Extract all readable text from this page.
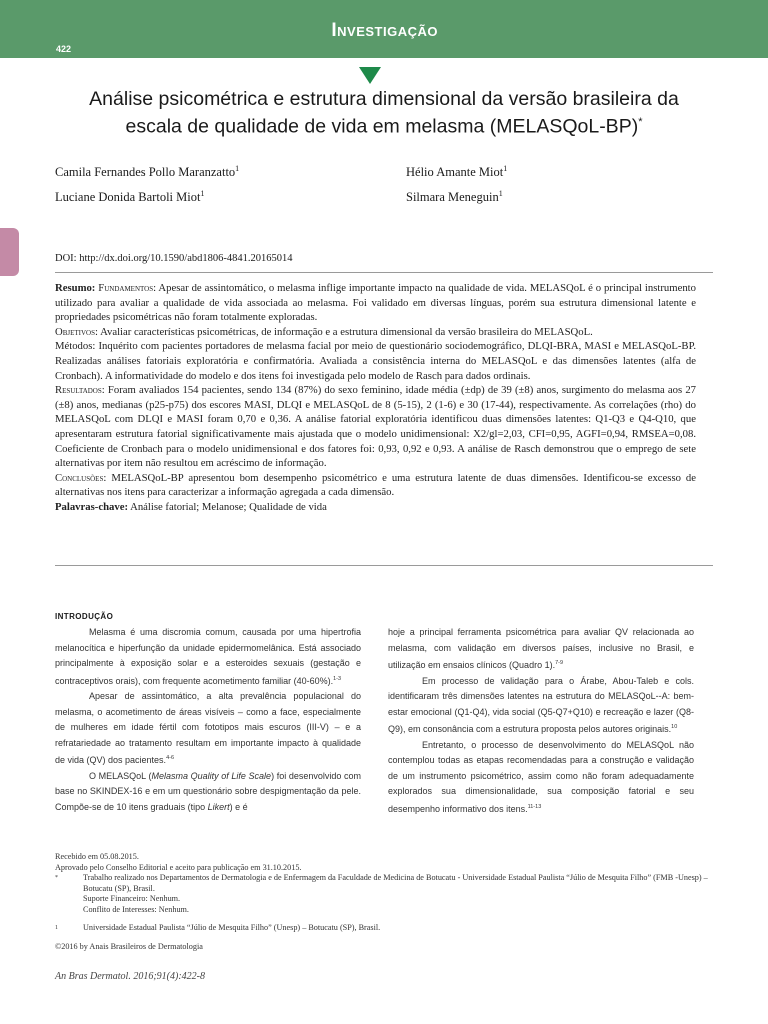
Investigação
422
Análise psicométrica e estrutura dimensional da versão brasileira da escala de qualidade de vida em melasma (MELASQoL-BP)*
Camila Fernandes Pollo Maranzatto$^1$
Luciane Donida Bartoli Miot$^1$
Hélio Amante Miot$^1$
Silmara Meneguin$^1$
DOI: http://dx.doi.org/10.1590/abd1806-4841.20165014

Resumo: Fundamentos: Apesar de assintomático, o melasma inflige importante impacto na qualidade de vida. MELASQoL é o principal instrumento utilizado para avaliar a qualidade de vida associada ao melasma. Foi validado em diversas línguas, porém sua estrutura dimensional latente e propriedades psicométricas não foram totalmente exploradas.

Objetivos: Avaliar características psicométricas, de informação e a estrutura dimensional da versão brasileira do MELASQoL.

Métodos: Inquérito com pacientes portadores de melasma facial por meio de questionário sociodemográfico, DLQI-BRA, MASI e MELASQoL-BP. Realizadas análises fatoriais exploratória e confirmatória. Avaliada a consistência interna do MELASQoL e das dimensões latentes (alfa de Cronbach). A informatividade do modelo e dos itens foi investigada pelo modelo de Rasch para dados ordinais.

Resultados: Foram avaliados 154 pacientes, sendo 134 (87%) do sexo feminino, idade média (±dp) de 39 (±8) anos, surgimento do melasma aos 27 (±8) anos, medianas (p25-p75) dos escores MASI, DLQI e MELASQoL de 8 (5-15), 2 (1-6) e 30 (17-44), respectivamente. As correlações (rho) do MELASQoL com DLQI e MASI foram 0,70 e 0,36. A análise fatorial exploratória identificou duas dimensões latentes: Q1-Q3 e Q4-Q10, que apresentaram estrutura fatorial significativamente mais ajustada que o modelo unidimensional: X2/gl=2,03, CFI=0,95, AGFI=0,94, RMSEA=0,08. Coeficiente de Cronbach para o modelo unidimensional e dos fatores foi: 0,93, 0,92 e 0,93. A análise de Rasch demonstrou que o emprego de sete alternativas por item não resultou em acréscimo de informação.

Conclusões: MELASQoL-BP apresentou bom desempenho psicométrico e uma estrutura latente de duas dimensões. Identificou-se excesso de alternativas nos itens para caracterizar a informação agregada a cada dimensão.

Palavras-chave: Análise fatorial; Melanose; Qualidade de vida

INTRODUÇÃO

Melasma é uma discromia comum, causada por uma hipertrofia melanocítica e hiperfunção da unidade epidermomelânica. Está associado principalmente à exposição solar e a esteroides sexuais (gestação e contraceptivos orais), com frequente acometimento familiar (40-60%).$^{1-3}$

Apesar de assintomático, a alta prevalência populacional do melasma, o acometimento de áreas visíveis – como a face, especialmente de mulheres em idade fértil com fototipos mais escuros (III-V) – e a refratariedade ao tratamento resultam em importante impacto à qualidade de vida (QV) dos pacientes.$^{4-6}$

O MELASQoL (Melasma Quality of Life Scale) foi desenvolvido com base no SKINDEX-16 e em um questionário sobre despigmentação da pele. Compõe-se de 10 itens graduais (tipo Likert) e é

hoje a principal ferramenta psicométrica para avaliar QV relacionada ao melasma, com validação em diversos países, inclusive no Brasil, e utilização em ensaios clínicos (Quadro 1).$^{7-9}$

Em processo de validação para o Árabe, Abou-Taleb e cols. identificaram três dimensões latentes na estrutura do MELASQoL--A: bem-estar emocional (Q1-Q4), vida social (Q5-Q7+Q10) e recreação e lazer (Q8-Q9), em consonância com a estrutura proposta pelos autores originais.$^{10}$

Entretanto, o processo de desenvolvimento do MELASQoL não contemplou todas as etapas recomendadas para a construção e validação de um instrumento psicométrico, assim como não foram adequadamente explorados sua dimensionalidade, sua composição fatorial e seu desempenho informativo dos itens.$^{11-13}$

Recebido em 05.08.2015.

Aprovado pelo Conselho Editorial e aceito para publicação em 31.10.2015.

*	Trabalho realizado nos Departamentos de Dermatologia e de Enfermagem da Faculdade de Medicina de Botucatu - Universidade Estadual Paulista “Júlio de Mesquita Filho” (FMB -Unesp) – Botucatu (SP), Brasil.
Suporte Financeiro: Nenhum.
Conflito de Interesses: Nenhum.
1	Universidade Estadual Paulista “Júlio de Mesquita Filho” (Unesp) – Botucatu (SP), Brasil.

©2016 by Anais Brasileiros de Dermatologia

An Bras Dermatol. 2016;91(4):422-8
